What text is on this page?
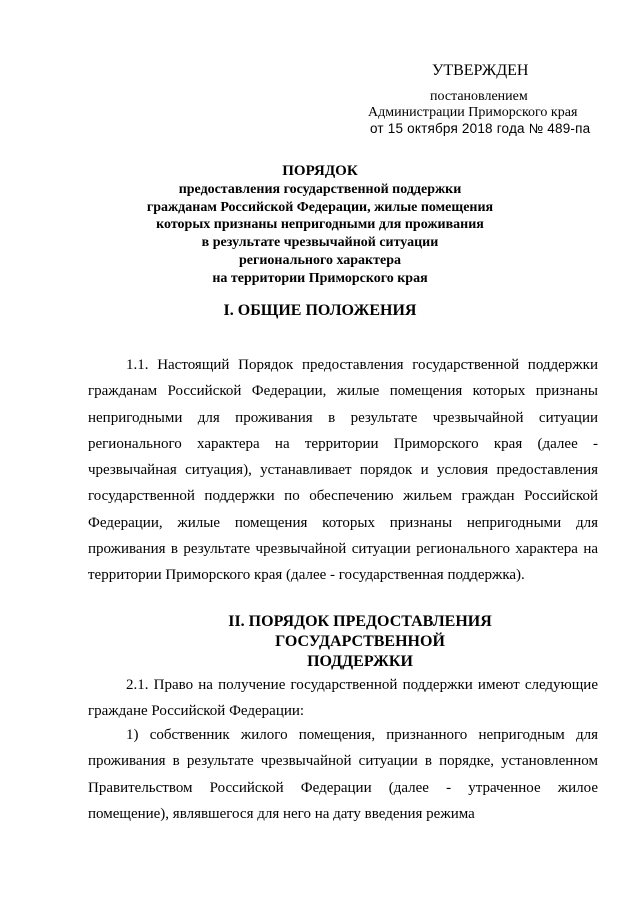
УТВЕРЖДЕН
постановлением
Администрации Приморского края
от 15 октября 2018 года № 489-па
ПОРЯДОК
предоставления государственной поддержки
гражданам Российской Федерации, жилые помещения
которых признаны непригодными для проживания
в результате чрезвычайной ситуации
регионального характера
на территории Приморского края
I. ОБЩИЕ ПОЛОЖЕНИЯ
1.1. Настоящий Порядок предоставления государственной поддержки гражданам Российской Федерации, жилые помещения которых признаны непригодными для проживания в результате чрезвычайной ситуации регионального характера на территории Приморского края (далее - чрезвычайная ситуация), устанавливает порядок и условия предоставления государственной поддержки по обеспечению жильем граждан Российской Федерации, жилые помещения которых признаны непригодными для проживания в результате чрезвычайной ситуации регионального характера на территории Приморского края (далее - государственная поддержка).
II. ПОРЯДОК ПРЕДОСТАВЛЕНИЯ ГОСУДАРСТВЕННОЙ
ПОДДЕРЖКИ
2.1. Право на получение государственной поддержки имеют следующие граждане Российской Федерации:
1) собственник жилого помещения, признанного непригодным для проживания в результате чрезвычайной ситуации в порядке, установленном Правительством Российской Федерации (далее - утраченное жилое помещение), являвшегося для него на дату введения режима
